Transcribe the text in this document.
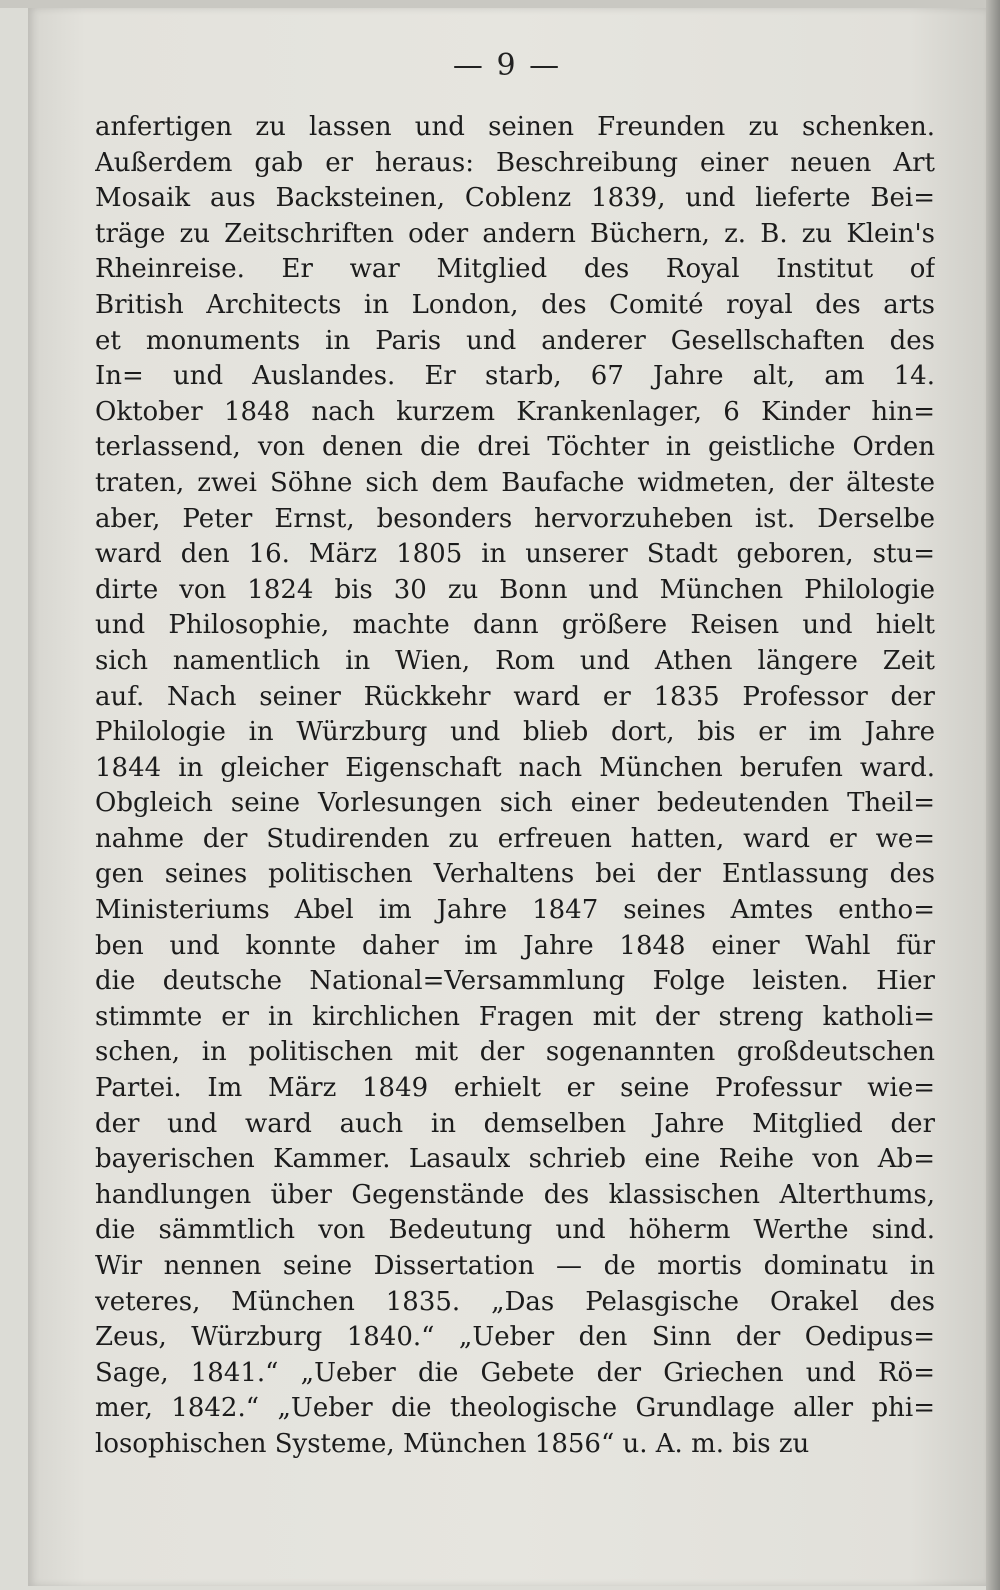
— 9 —
anfertigen zu lassen und seinen Freunden zu schenken.
Außerdem gab er heraus: Beschreibung einer neuen Art
Mosaik aus Backsteinen, Coblenz 1839, und lieferte Bei=
träge zu Zeitschriften oder andern Büchern, z. B. zu Klein's
Rheinreise. Er war Mitglied des Royal Institut of
British Architects in London, des Comité royal des arts
et monuments in Paris und anderer Gesellschaften des
In= und Auslandes. Er starb, 67 Jahre alt, am 14.
Oktober 1848 nach kurzem Krankenlager, 6 Kinder hin=
terlassend, von denen die drei Töchter in geistliche Orden
traten, zwei Söhne sich dem Baufache widmeten, der älteste
aber, Peter Ernst, besonders hervorzuheben ist. Derselbe
ward den 16. März 1805 in unserer Stadt geboren, stu=
dirte von 1824 bis 30 zu Bonn und München Philologie
und Philosophie, machte dann größere Reisen und hielt
sich namentlich in Wien, Rom und Athen längere Zeit
auf. Nach seiner Rückkehr ward er 1835 Professor der
Philologie in Würzburg und blieb dort, bis er im Jahre
1844 in gleicher Eigenschaft nach München berufen ward.
Obgleich seine Vorlesungen sich einer bedeutenden Theil=
nahme der Studirenden zu erfreuen hatten, ward er we=
gen seines politischen Verhaltens bei der Entlassung des
Ministeriums Abel im Jahre 1847 seines Amtes entho=
ben und konnte daher im Jahre 1848 einer Wahl für
die deutsche National=Versammlung Folge leisten. Hier
stimmte er in kirchlichen Fragen mit der streng katholi=
schen, in politischen mit der sogenannten großdeutschen
Partei. Im März 1849 erhielt er seine Professur wie=
der und ward auch in demselben Jahre Mitglied der
bayerischen Kammer. Lasaulx schrieb eine Reihe von Ab=
handlungen über Gegenstände des klassischen Alterthums,
die sämmtlich von Bedeutung und höherm Werthe sind.
Wir nennen seine Dissertation — de mortis dominatu in
veteres, München 1835. „Das Pelasgische Orakel des
Zeus, Würzburg 1840.“ „Ueber den Sinn der Oedipus=
Sage, 1841.“ „Ueber die Gebete der Griechen und Rö=
mer, 1842.“ „Ueber die theologische Grundlage aller phi=
losophischen Systeme, München 1856“ u. A. m. bis zu
